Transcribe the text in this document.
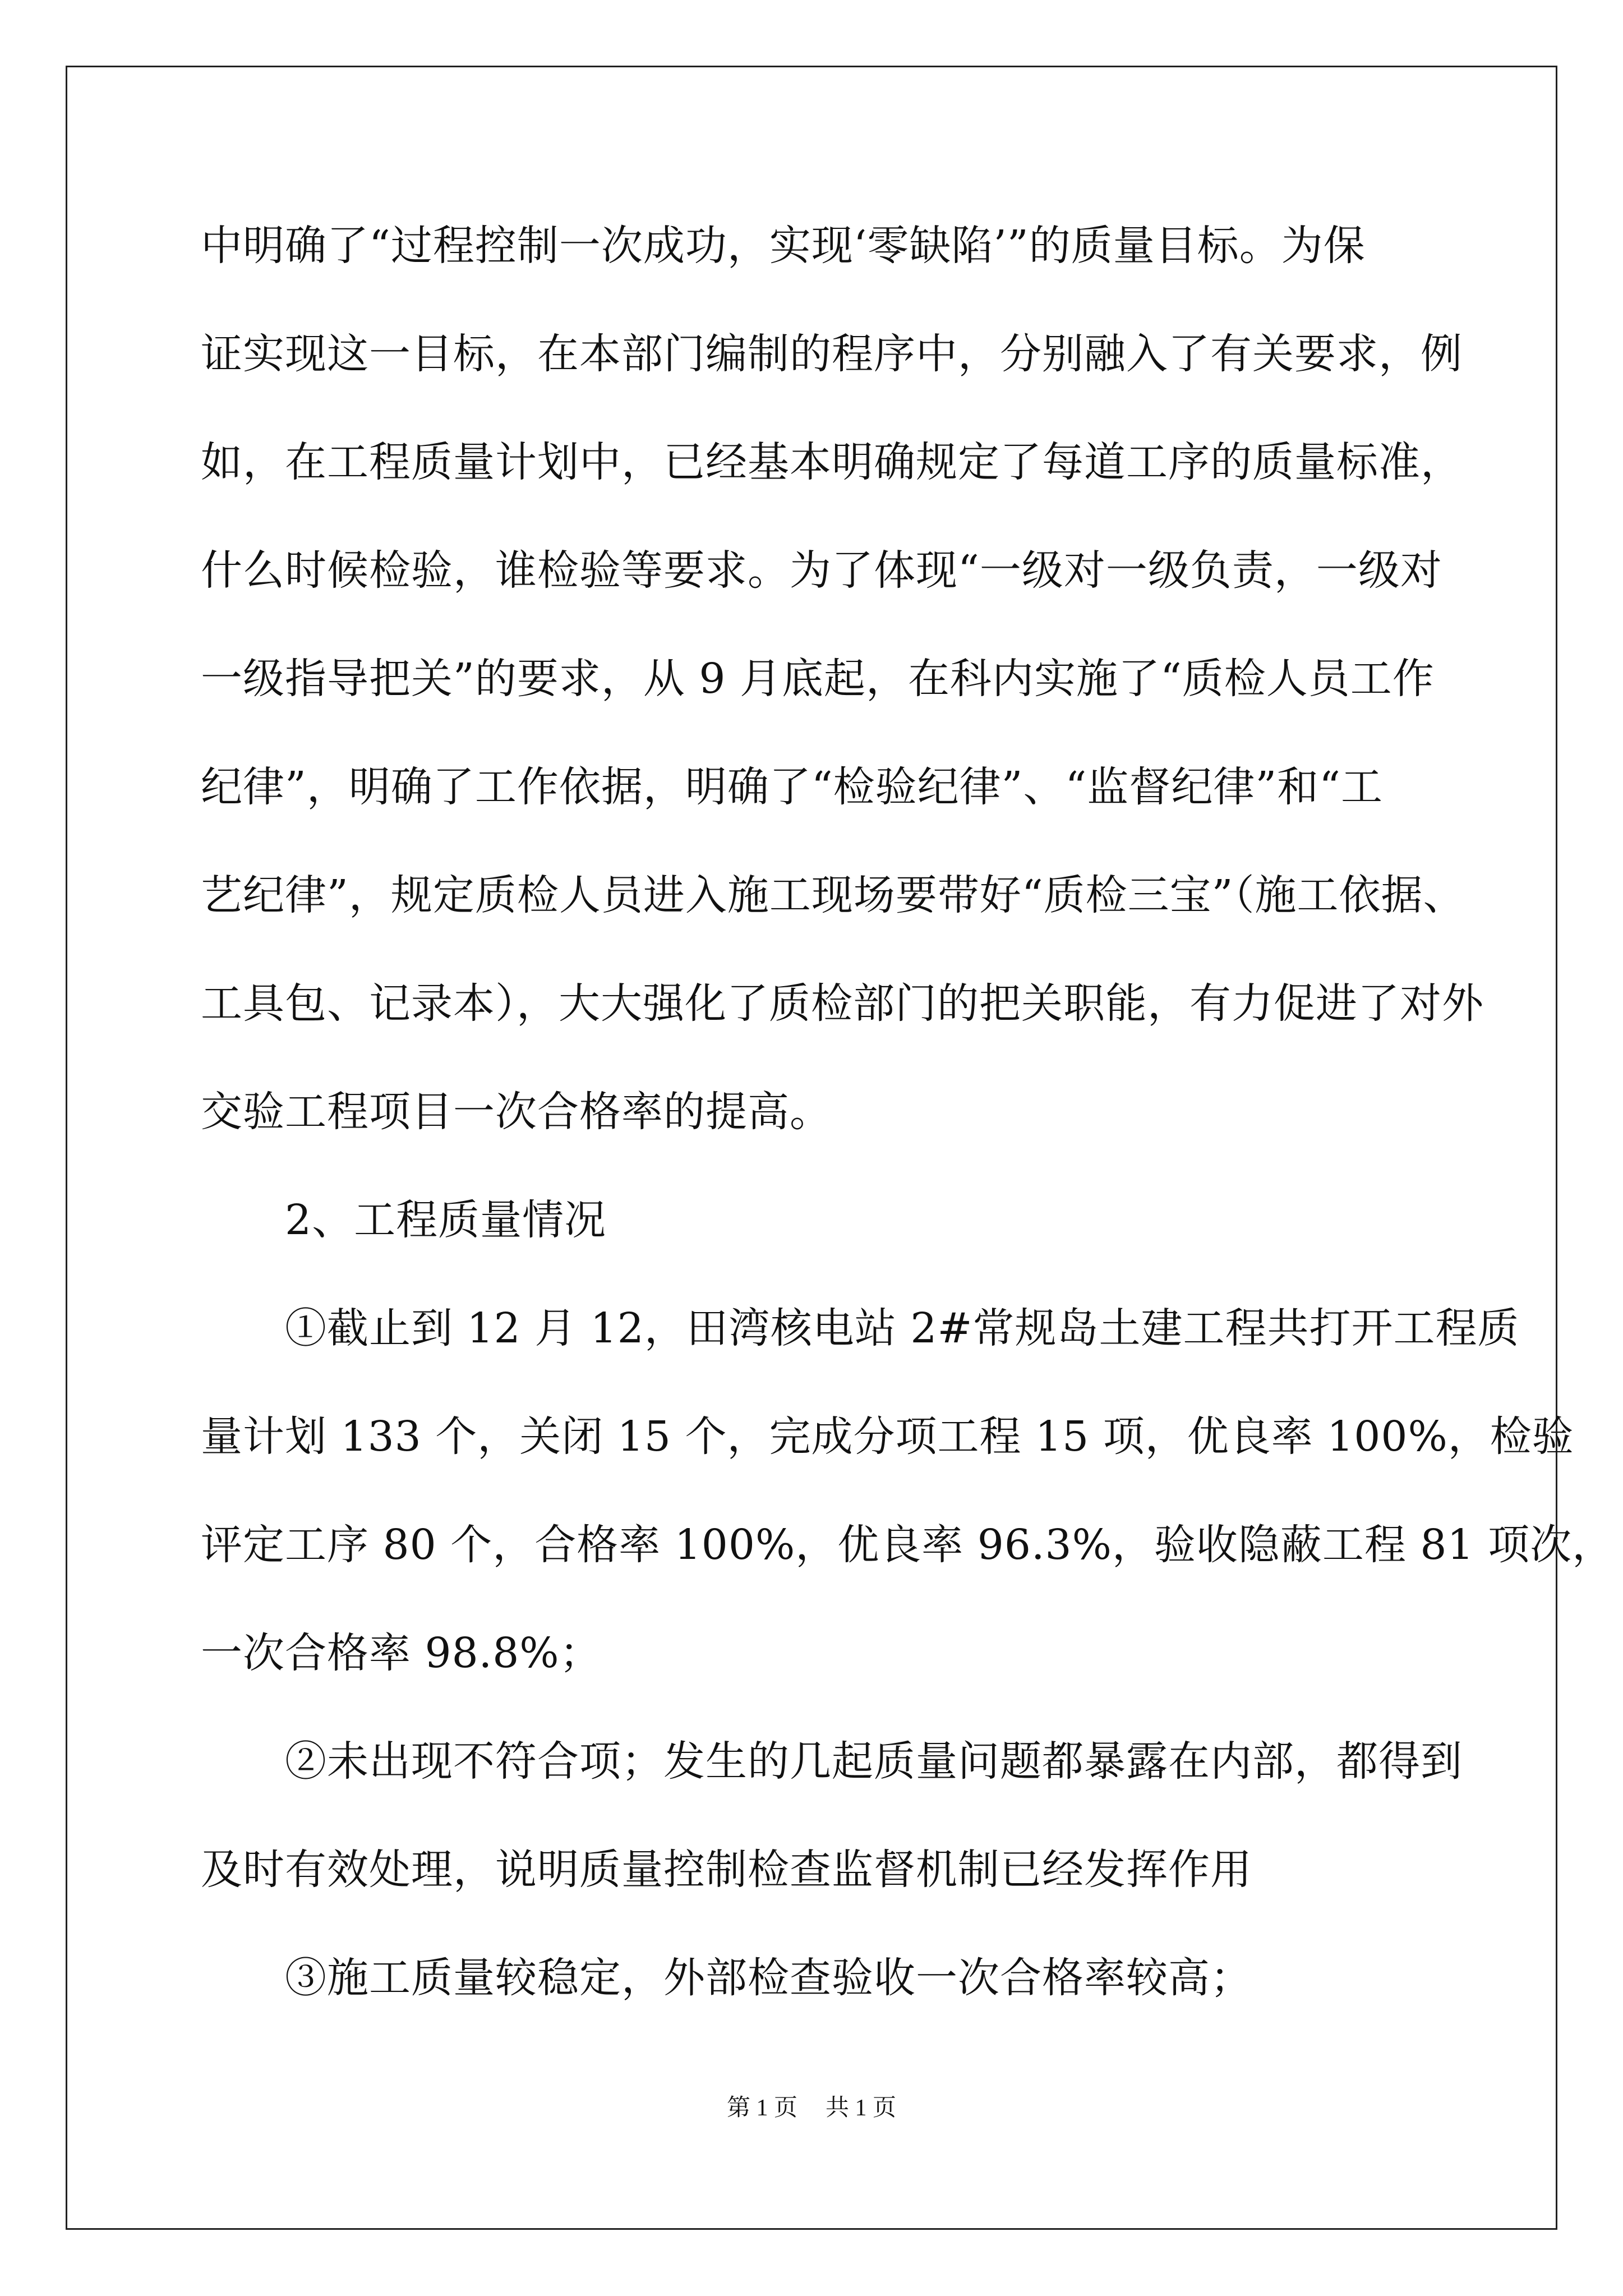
中明确了“过程控制一次成功，实现‘零缺陷’”的质量目标。为保
证实现这一目标，在本部门编制的程序中，分别融入了有关要求，例
如，在工程质量计划中，已经基本明确规定了每道工序的质量标准，
什么时候检验，谁检验等要求。为了体现“一级对一级负责，一级对
一级指导把关”的要求，从 9 月底起，在科内实施了“质检人员工作
纪律”，明确了工作依据，明确了“检验纪律”、“监督纪律”和“工
艺纪律”，规定质检人员进入施工现场要带好“质检三宝”（施工依据、
工具包、记录本），大大强化了质检部门的把关职能，有力促进了对外
交验工程项目一次合格率的提高。
2、工程质量情况
①截止到 12 月 12，田湾核电站 2#常规岛土建工程共打开工程质
量计划 133 个，关闭 15 个，完成分项工程 15 项，优良率 100%，检验
评定工序 80 个，合格率 100%，优良率 96.3%，验收隐蔽工程 81 项次，
一次合格率 98.8%；
②未出现不符合项；发生的几起质量问题都暴露在内部，都得到
及时有效处理，说明质量控制检查监督机制已经发挥作用
③施工质量较稳定，外部检查验收一次合格率较高；
第 1 页 共 1 页
